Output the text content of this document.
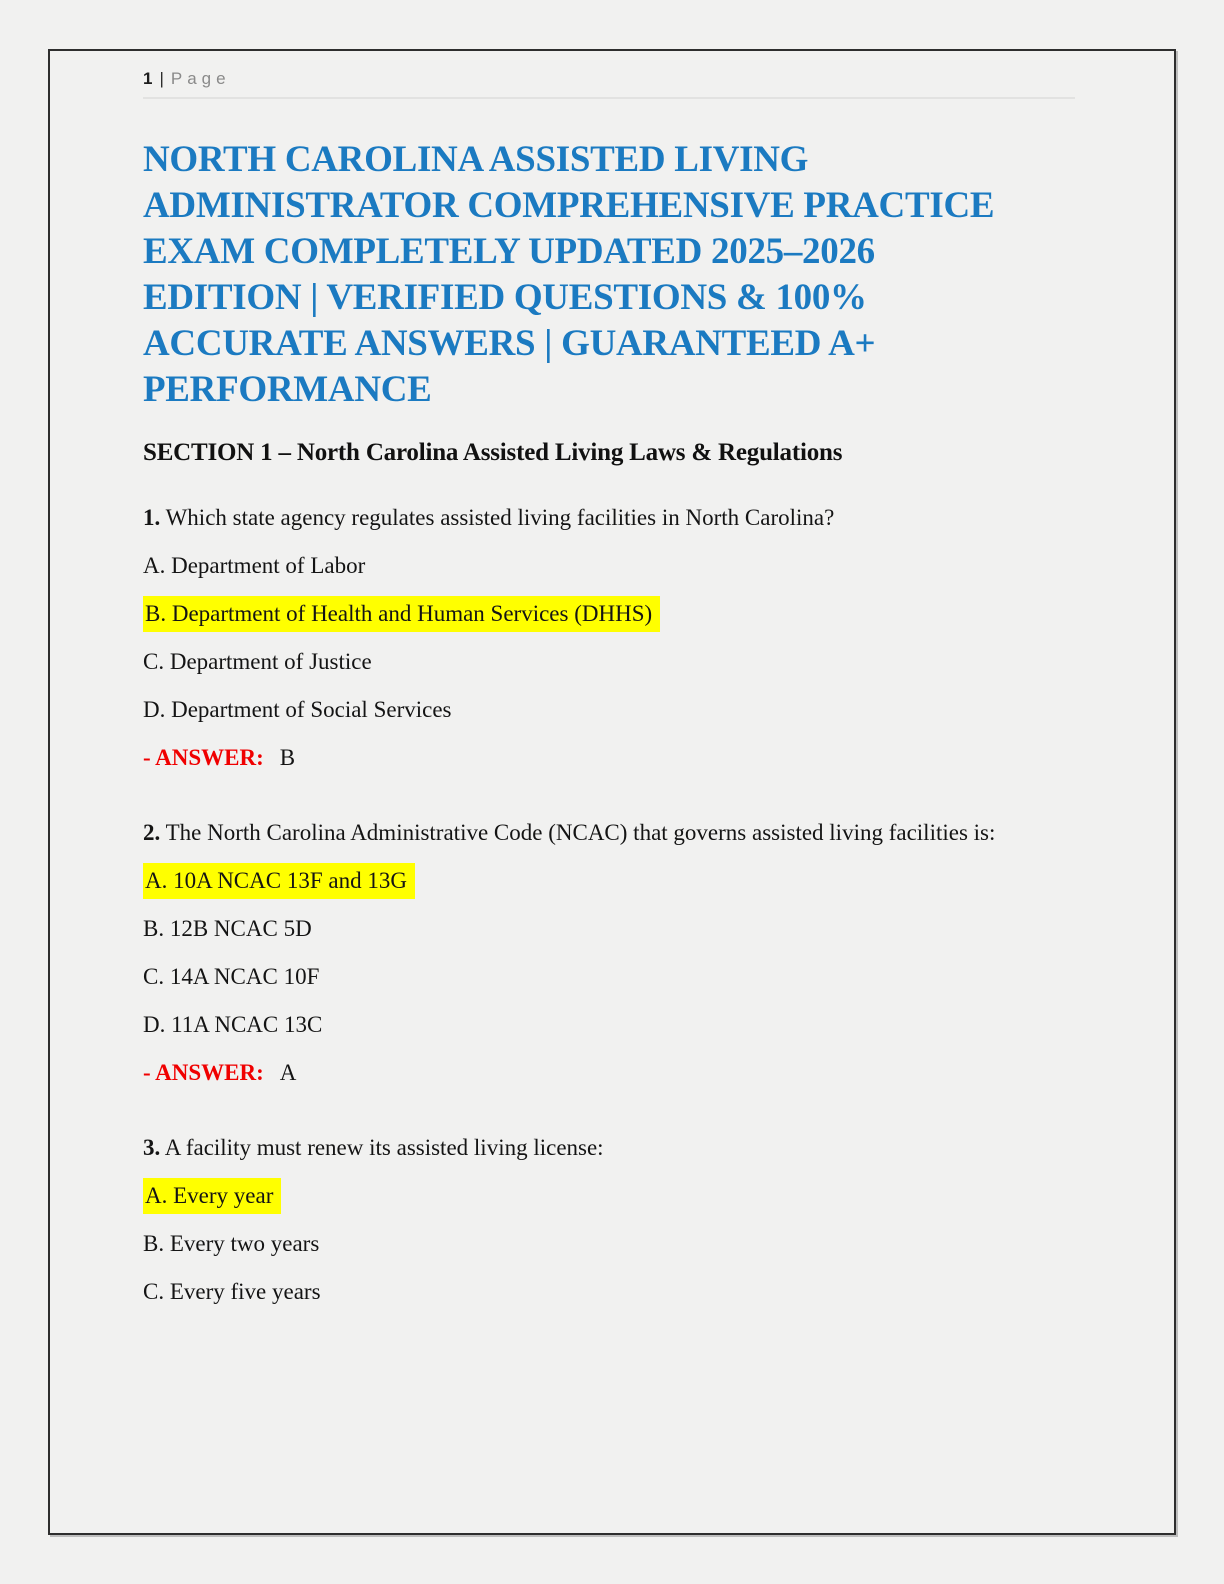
1 | Page
NORTH CAROLINA ASSISTED LIVING
ADMINISTRATOR COMPREHENSIVE PRACTICE
EXAM COMPLETELY UPDATED 2025–2026
EDITION | VERIFIED QUESTIONS & 100%
ACCURATE ANSWERS | GUARANTEED A+
PERFORMANCE
SECTION 1 – North Carolina Assisted Living Laws & Regulations

1. Which state agency regulates assisted living facilities in North Carolina?

A. Department of Labor

B. Department of Health and Human Services (DHHS)

C. Department of Justice

D. Department of Social Services

- ANSWER: B

2. The North Carolina Administrative Code (NCAC) that governs assisted living facilities is:

A. 10A NCAC 13F and 13G

B. 12B NCAC 5D

C. 14A NCAC 10F

D. 11A NCAC 13C

- ANSWER: A

3. A facility must renew its assisted living license:

A. Every year

B. Every two years

C. Every five years
